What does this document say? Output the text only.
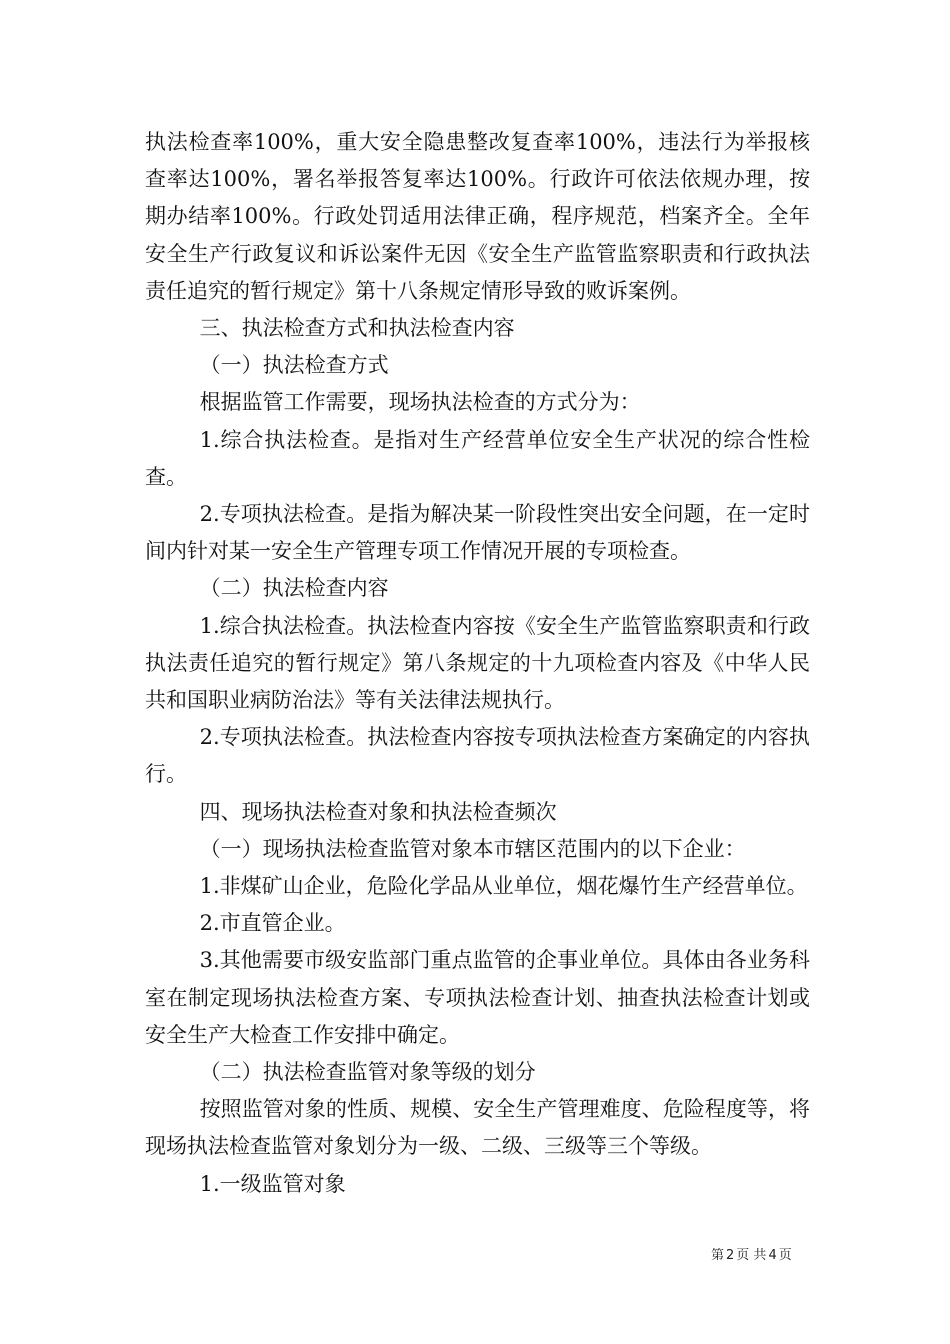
执法检查率100%，重大安全隐患整改复查率100%，违法行为举报核查率达100%，署名举报答复率达100%。行政许可依法依规办理，按期办结率100%。行政处罚适用法律正确，程序规范，档案齐全。全年安全生产行政复议和诉讼案件无因《安全生产监管监察职责和行政执法责任追究的暂行规定》第十八条规定情形导致的败诉案例。

三、执法检查方式和执法检查内容

（一）执法检查方式

根据监管工作需要，现场执法检查的方式分为：

1.综合执法检查。是指对生产经营单位安全生产状况的综合性检查。

2.专项执法检查。是指为解决某一阶段性突出安全问题，在一定时间内针对某一安全生产管理专项工作情况开展的专项检查。

（二）执法检查内容

1.综合执法检查。执法检查内容按《安全生产监管监察职责和行政执法责任追究的暂行规定》第八条规定的十九项检查内容及《中华人民共和国职业病防治法》等有关法律法规执行。

2.专项执法检查。执法检查内容按专项执法检查方案确定的内容执行。

四、现场执法检查对象和执法检查频次

（一）现场执法检查监管对象本市辖区范围内的以下企业：

1.非煤矿山企业，危险化学品从业单位，烟花爆竹生产经营单位。

2.市直管企业。

3.其他需要市级安监部门重点监管的企事业单位。具体由各业务科室在制定现场执法检查方案、专项执法检查计划、抽查执法检查计划或安全生产大检查工作安排中确定。

（二）执法检查监管对象等级的划分

按照监管对象的性质、规模、安全生产管理难度、危险程度等，将现场执法检查监管对象划分为一级、二级、三级等三个等级。

1.一级监管对象

第 2 页 共 4 页
